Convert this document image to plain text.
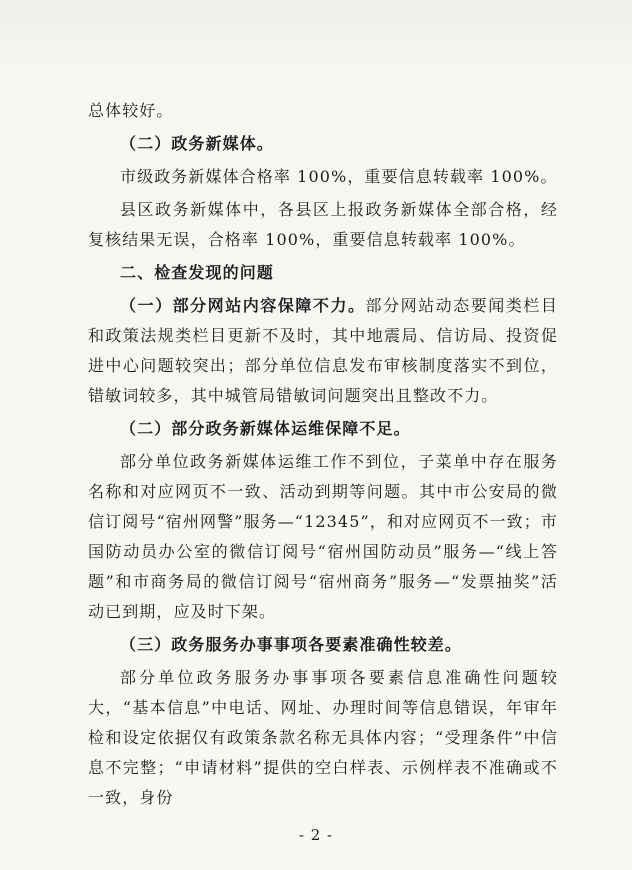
总体较好。

（二）政务新媒体。

市级政务新媒体合格率 100%，重要信息转载率 100%。

县区政务新媒体中，各县区上报政务新媒体全部合格，经复核结果无误，合格率 100%，重要信息转载率 100%。

二、检查发现的问题

（一）部分网站内容保障不力。部分网站动态要闻类栏目和政策法规类栏目更新不及时，其中地震局、信访局、投资促进中心问题较突出；部分单位信息发布审核制度落实不到位，错敏词较多，其中城管局错敏词问题突出且整改不力。

（二）部分政务新媒体运维保障不足。

部分单位政务新媒体运维工作不到位，子菜单中存在服务名称和对应网页不一致、活动到期等问题。其中市公安局的微信订阅号“宿州网警”服务—“12345”，和对应网页不一致；市国防动员办公室的微信订阅号“宿州国防动员”服务—“线上答题”和市商务局的微信订阅号“宿州商务”服务—“发票抽奖”活动已到期，应及时下架。

（三）政务服务办事事项各要素准确性较差。

部分单位政务服务办事事项各要素信息准确性问题较大，“基本信息”中电话、网址、办理时间等信息错误，年审年检和设定依据仅有政策条款名称无具体内容；“受理条件”中信息不完整；“申请材料”提供的空白样表、示例样表不准确或不一致，身份

- 2 -
